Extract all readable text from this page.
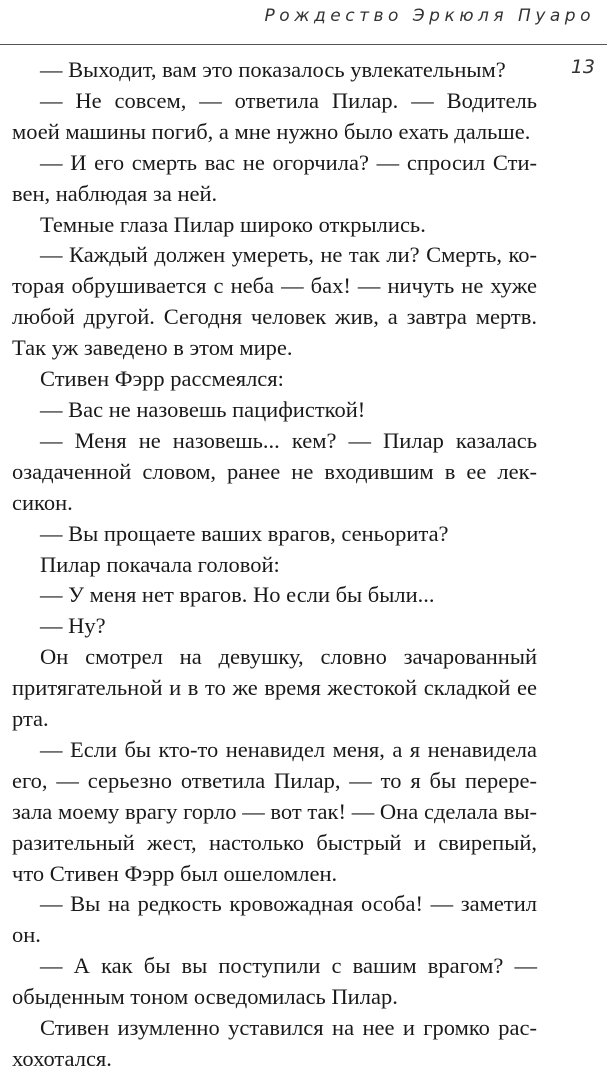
Рождество Эркюля Пуаро
13

— Выходит, вам это показалось увлекательным?

— Не совсем, — ответила Пилар. — Водитель моей машины погиб, а мне нужно было ехать дальше.

— И его смерть вас не огорчила? — спросил Стивен, наблюдая за ней.

Темные глаза Пилар широко открылись.

— Каждый должен умереть, не так ли? Смерть, которая обрушивается с неба — бах! — ничуть не хуже любой другой. Сегодня человек жив, а завтра мертв. Так уж заведено в этом мире.

Стивен Фэрр рассмеялся:

— Вас не назовешь пацифисткой!

— Меня не назовешь... кем? — Пилар казалась озадаченной словом, ранее не входившим в ее лексикон.

— Вы прощаете ваших врагов, сеньорита?

Пилар покачала головой:

— У меня нет врагов. Но если бы были...

— Ну?

Он смотрел на девушку, словно зачарованный притягательной и в то же время жестокой складкой ее рта.

— Если бы кто-то ненавидел меня, а я ненавидела его, — серьезно ответила Пилар, — то я бы перерезала моему врагу горло — вот так! — Она сделала выразительный жест, настолько быстрый и свирепый, что Стивен Фэрр был ошеломлен.

— Вы на редкость кровожадная особа! — заметил он.

— А как бы вы поступили с вашим врагом? — обыденным тоном осведомилась Пилар.

Стивен изумленно уставился на нее и громко расхохотался.
